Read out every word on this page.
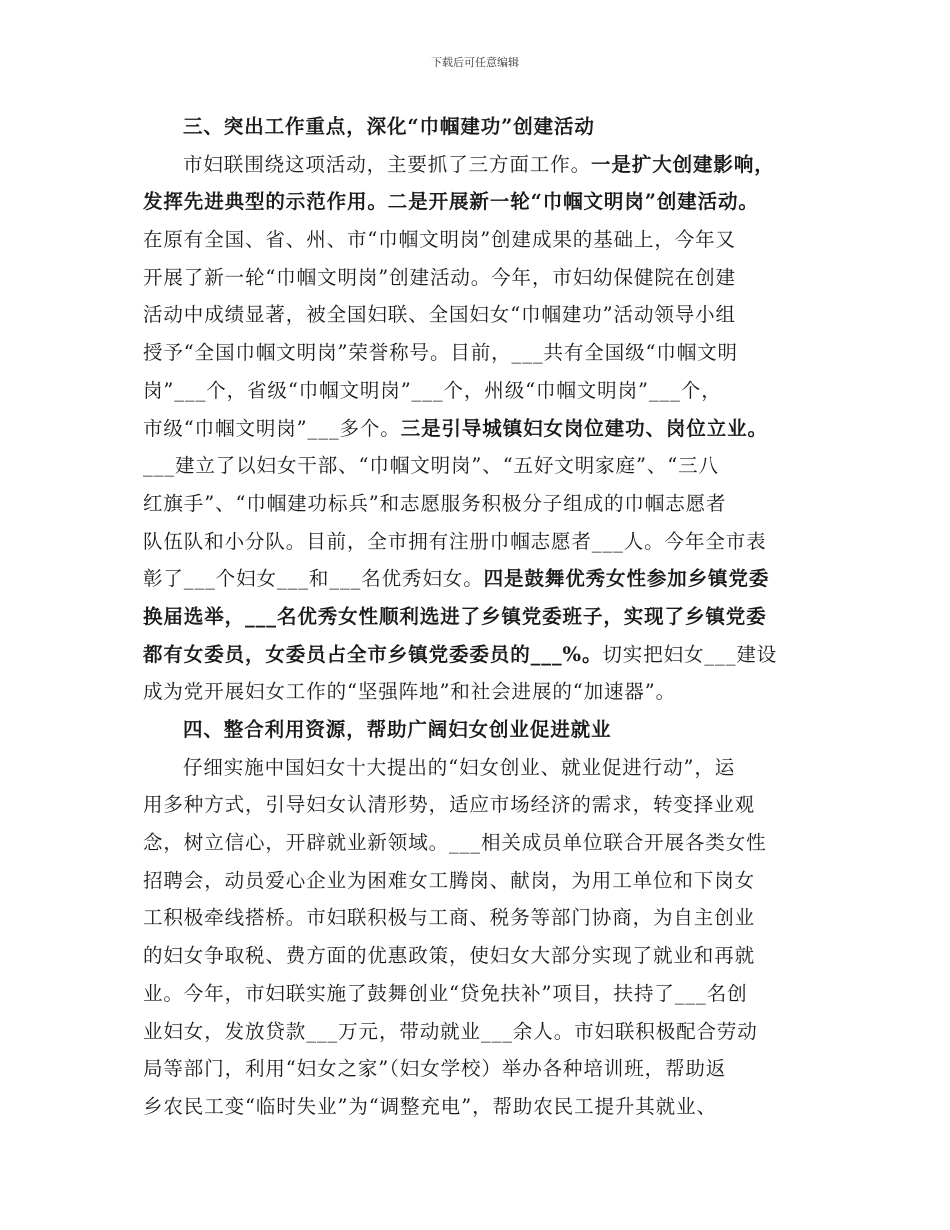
下载后可任意编辑
三、突出工作重点，深化“巾帼建功”创建活动
市妇联围绕这项活动，主要抓了三方面工作。一是扩大创建影响，
发挥先进典型的示范作用。二是开展新一轮“巾帼文明岗”创建活动。
在原有全国、省、州、市“巾帼文明岗”创建成果的基础上，今年又
开展了新一轮“巾帼文明岗”创建活动。今年，市妇幼保健院在创建
活动中成绩显著，被全国妇联、全国妇女“巾帼建功”活动领导小组
授予“全国巾帼文明岗”荣誉称号。目前，___共有全国级“巾帼文明
岗”___个，省级“巾帼文明岗”___个，州级“巾帼文明岗”___个，
市级“巾帼文明岗”___多个。三是引导城镇妇女岗位建功、岗位立业。
___建立了以妇女干部、“巾帼文明岗”、“五好文明家庭”、“三八
红旗手”、“巾帼建功标兵”和志愿服务积极分子组成的巾帼志愿者
队伍队和小分队。目前，全市拥有注册巾帼志愿者___人。今年全市表
彰了___个妇女___和___名优秀妇女。四是鼓舞优秀女性参加乡镇党委
换届选举，___名优秀女性顺利选进了乡镇党委班子，实现了乡镇党委
都有女委员，女委员占全市乡镇党委委员的___%。切实把妇女___建设
成为党开展妇女工作的“坚强阵地”和社会进展的“加速器”。
四、整合利用资源，帮助广阔妇女创业促进就业
仔细实施中国妇女十大提出的“妇女创业、就业促进行动”，运
用多种方式，引导妇女认清形势，适应市场经济的需求，转变择业观
念，树立信心，开辟就业新领域。___相关成员单位联合开展各类女性
招聘会，动员爱心企业为困难女工腾岗、献岗，为用工单位和下岗女
工积极牵线搭桥。市妇联积极与工商、税务等部门协商，为自主创业
的妇女争取税、费方面的优惠政策，使妇女大部分实现了就业和再就
业。今年，市妇联实施了鼓舞创业“贷免扶补”项目，扶持了___名创
业妇女，发放贷款___万元，带动就业___余人。市妇联积极配合劳动
局等部门，利用“妇女之家”（妇女学校）举办各种培训班，帮助返
乡农民工变“临时失业”为“调整充电”，帮助农民工提升其就业、
